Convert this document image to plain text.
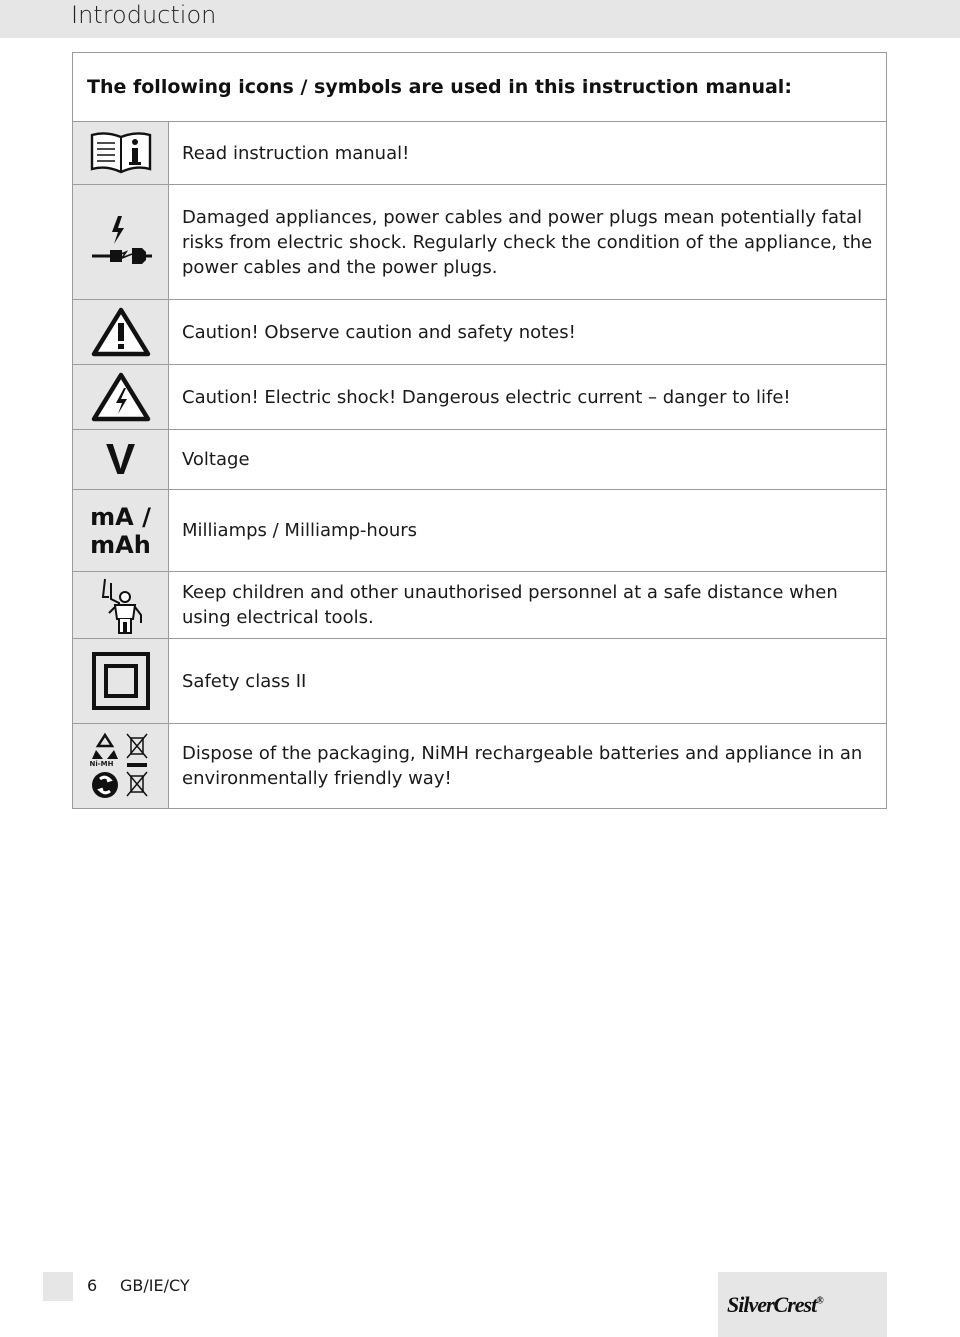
Introduction
The following icons / symbols are used in this instruction manual:	

	Read instruction manual!

	Damaged appliances, power cables and power plugs mean potentially fatal risks from electric shock. Regularly check the condition of the appliance, the power cables and the power plugs.

	Caution! Observe caution and safety notes!

	Caution! Electric shock! Dangerous electric current – danger to life!

V	Voltage

mA /
mAh	Milliamps / Milliamp-hours

	Keep children and other unauthorised personnel at a safe distance when using electrical tools.

	Safety class II

Ni-MH	Dispose of the packaging, NiMH rechargeable batteries and appliance in an environmentally friendly way!
6 GB/IE/CY
SilverCrest®
